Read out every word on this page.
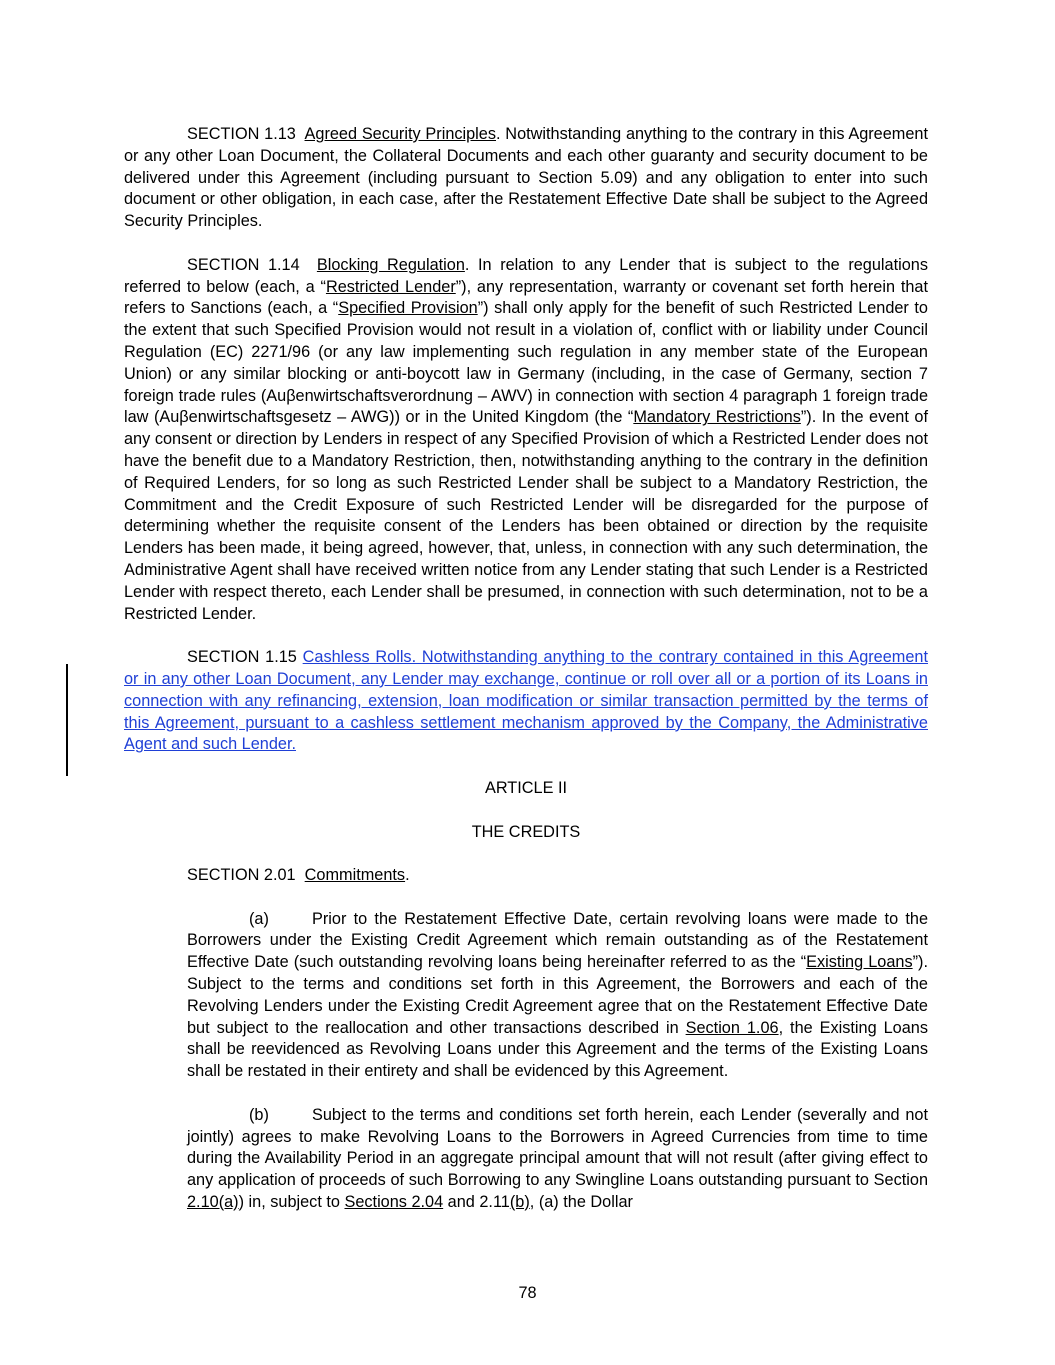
SECTION 1.13 Agreed Security Principles. Notwithstanding anything to the contrary in this Agreement or any other Loan Document, the Collateral Documents and each other guaranty and security document to be delivered under this Agreement (including pursuant to Section 5.09) and any obligation to enter into such document or other obligation, in each case, after the Restatement Effective Date shall be subject to the Agreed Security Principles.

SECTION 1.14 Blocking Regulation. In relation to any Lender that is subject to the regulations referred to below (each, a “Restricted Lender”), any representation, warranty or covenant set forth herein that refers to Sanctions (each, a “Specified Provision”) shall only apply for the benefit of such Restricted Lender to the extent that such Specified Provision would not result in a violation of, conflict with or liability under Council Regulation (EC) 2271/96 (or any law implementing such regulation in any member state of the European Union) or any similar blocking or anti-boycott law in Germany (including, in the case of Germany, section 7 foreign trade rules (Auβenwirtschaftsverordnung – AWV) in connection with section 4 paragraph 1 foreign trade law (Auβenwirtschaftsgesetz – AWG)) or in the United Kingdom (the “Mandatory Restrictions”). In the event of any consent or direction by Lenders in respect of any Specified Provision of which a Restricted Lender does not have the benefit due to a Mandatory Restriction, then, notwithstanding anything to the contrary in the definition of Required Lenders, for so long as such Restricted Lender shall be subject to a Mandatory Restriction, the Commitment and the Credit Exposure of such Restricted Lender will be disregarded for the purpose of determining whether the requisite consent of the Lenders has been obtained or direction by the requisite Lenders has been made, it being agreed, however, that, unless, in connection with any such determination, the Administrative Agent shall have received written notice from any Lender stating that such Lender is a Restricted Lender with respect thereto, each Lender shall be presumed, in connection with such determination, not to be a Restricted Lender.

SECTION 1.15 Cashless Rolls. Notwithstanding anything to the contrary contained in this Agreement or in any other Loan Document, any Lender may exchange, continue or roll over all or a portion of its Loans in connection with any refinancing, extension, loan modification or similar transaction permitted by the terms of this Agreement, pursuant to a cashless settlement mechanism approved by the Company, the Administrative Agent and such Lender.

ARTICLE II

THE CREDITS

SECTION 2.01 Commitments.

(a)	Prior to the Restatement Effective Date, certain revolving loans were made to the Borrowers under the Existing Credit Agreement which remain outstanding as of the Restatement Effective Date (such outstanding revolving loans being hereinafter referred to as the “Existing Loans”). Subject to the terms and conditions set forth in this Agreement, the Borrowers and each of the Revolving Lenders under the Existing Credit Agreement agree that on the Restatement Effective Date but subject to the reallocation and other transactions described in Section 1.06, the Existing Loans shall be reevidenced as Revolving Loans under this Agreement and the terms of the Existing Loans shall be restated in their entirety and shall be evidenced by this Agreement.

(b)	Subject to the terms and conditions set forth herein, each Lender (severally and not jointly) agrees to make Revolving Loans to the Borrowers in Agreed Currencies from time to time during the Availability Period in an aggregate principal amount that will not result (after giving effect to any application of proceeds of such Borrowing to any Swingline Loans outstanding pursuant to Section 2.10(a)) in, subject to Sections 2.04 and 2.11(b), (a) the Dollar

78
